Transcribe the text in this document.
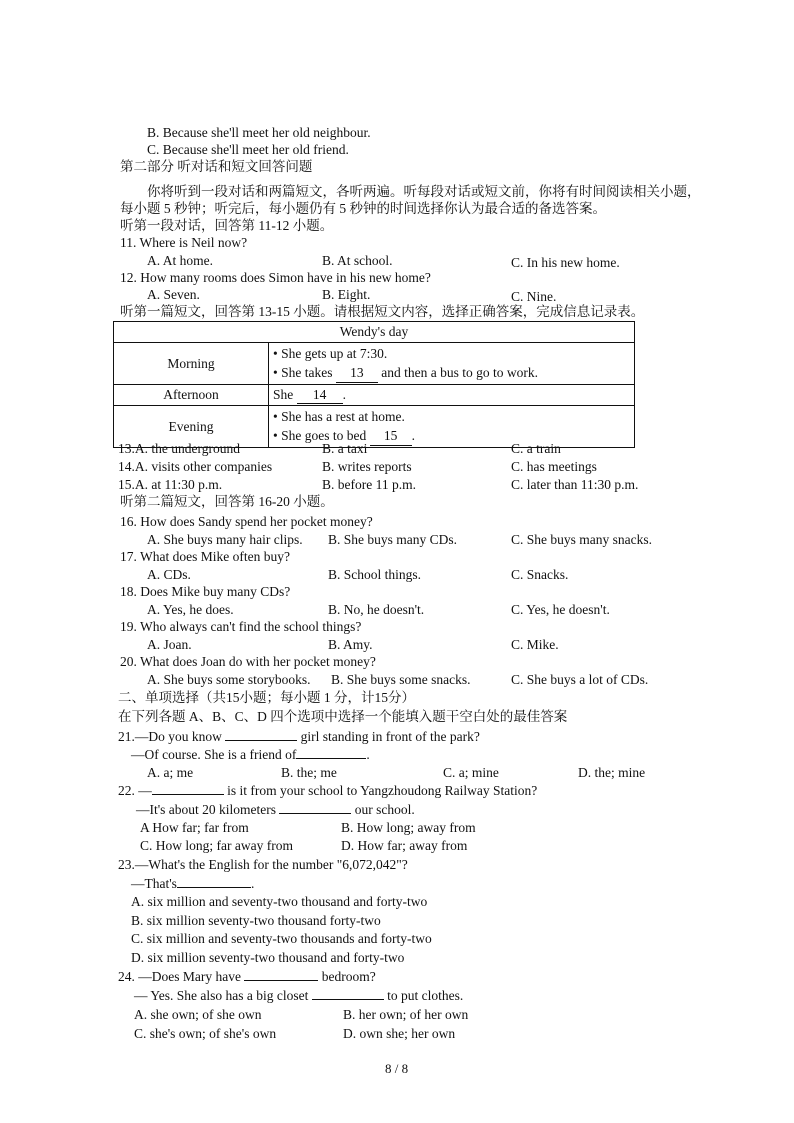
B. Because she'll meet her old neighbour.
C. Because she'll meet her old friend.
第二部分 听对话和短文回答问题
你将听到一段对话和两篇短文，各听两遍。听每段对话或短文前，你将有时间阅读相关小题，
每小题 5 秒钟；听完后，每小题仍有 5 秒钟的时间选择你认为最合适的备选答案。
听第一段对话，回答第 11-12 小题。
11. Where is Neil now?
A. At home.	B. At school.	C. In his new home.
12. How many rooms does Simon have in his new home?
A. Seven.	B. Eight.	C. Nine.
听第一篇短文，回答第 13-15 小题。请根据短文内容，选择正确答案，完成信息记录表。
Wendy's day	
Morning	• She gets up at 7:30.
• She takes 13 and then a bus to go to work.

Afternoon	She 14 .
Evening	• She has a rest at home.
• She goes to bed 15 .
13.A. the underground	B. a taxi	C. a train
14.A. visits other companies	B. writes reports	C. has meetings
15.A. at 11:30 p.m.	B. before 11 p.m.	C. later than 11:30 p.m.
听第二篇短文，回答第 16-20 小题。
16. How does Sandy spend her pocket money?
A. She buys many hair clips. B. She buys many CDs.	C. She buys many snacks.
17. What does Mike often buy?
A. CDs.	B. School things.	C. Snacks.
18. Does Mike buy many CDs?
A. Yes, he does.	B. No, he doesn't.	C. Yes, he doesn't.
19. Who always can't find the school things?
A. Joan.	B. Amy.	C. Mike.
20. What does Joan do with her pocket money?
A. She buys some storybooks. B. She buys some snacks.	C. She buys a lot of CDs.
二、单项选择（共15小题；每小题 1 分，计15分）
在下列各题 A、B、C、D 四个选项中选择一个能填入题干空白处的最佳答案
21.—Do you know	girl standing in front of the park?
—Of course. She is a friend of	.
A. a; me	B. the; me	C. a; mine	D. the; mine
22. —	is it from your school to Yangzhoudong Railway Station?
—It's about 20 kilometers	our school.
A How far; far from	B. How long; away from
C. How long; far away from	D. How far; away from
23.—What's the English for the number "6,072,042"?
—That's	.
A. six million and seventy-two thousand and forty-two
B. six million seventy-two thousand forty-two
C. six million and seventy-two thousands and forty-two
D. six million seventy-two thousand and forty-two
24. —Does Mary have	bedroom?
— Yes. She also has a big closet	to put clothes.
A. she own; of she own	B. her own; of her own
C. she's own; of she's own	D. own she; her own
8 / 8
